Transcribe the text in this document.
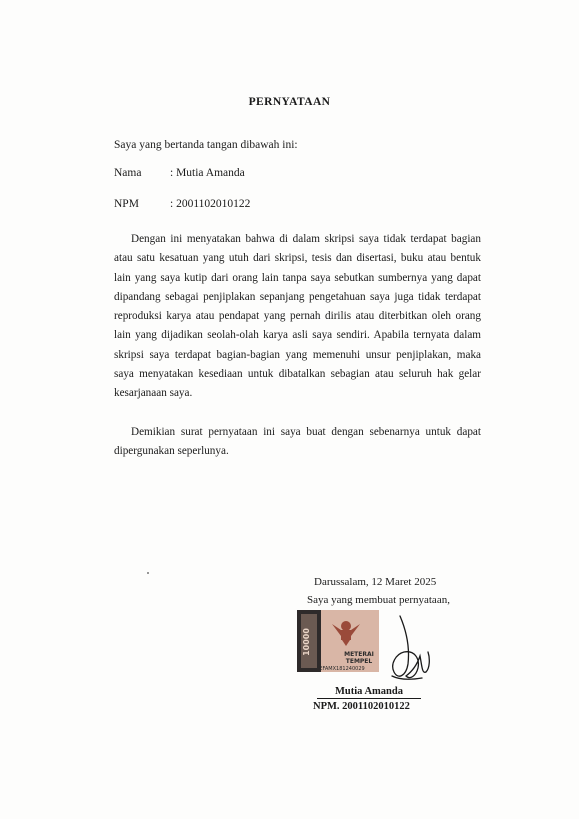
PERNYATAAN
Saya yang bertanda tangan dibawah ini:
Nama : Mutia Amanda
NPM	: 2001102010122

Dengan ini menyatakan bahwa di dalam skripsi saya tidak terdapat bagian atau satu kesatuan yang utuh dari skripsi, tesis dan disertasi, buku atau bentuk lain yang saya kutip dari orang lain tanpa saya sebutkan sumbernya yang dapat dipandang sebagai penjiplakan sepanjang pengetahuan saya juga tidak terdapat reproduksi karya atau pendapat yang pernah dirilis atau diterbitkan oleh orang lain yang dijadikan seolah-olah karya asli saya sendiri. Apabila ternyata dalam skripsi saya terdapat bagian-bagian yang memenuhi unsur penjiplakan, maka saya menyatakan kesediaan untuk dibatalkan sebagian atau seluruh hak gelar kesarjanaan saya.

Demikian surat pernyataan ini saya buat dengan sebenarnya untuk dapat dipergunakan seperlunya.

Darussalam, 12 Maret 2025
Saya yang membuat pernyataan,
10000	METERAI
TEMPEL
EFAMX181240029
Mutia Amanda
NPM. 2001102010122
